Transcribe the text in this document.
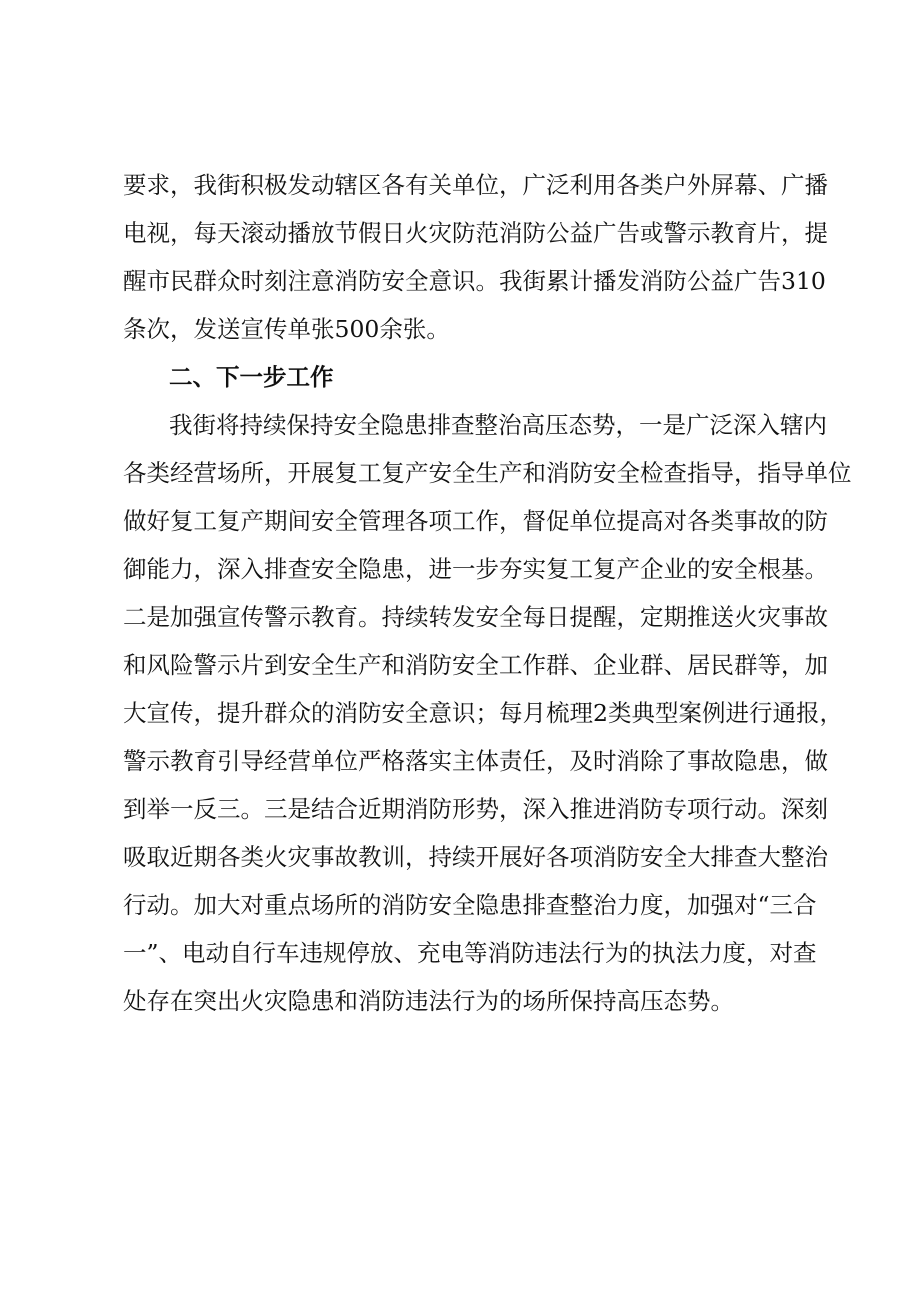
要求，我街积极发动辖区各有关单位，广泛利用各类户外屏幕、广播
电视，每天滚动播放节假日火灾防范消防公益广告或警示教育片，提
醒市民群众时刻注意消防安全意识。我街累计播发消防公益广告310
条次，发送宣传单张500余张。
二、下一步工作
我街将持续保持安全隐患排查整治高压态势，一是广泛深入辖内
各类经营场所，开展复工复产安全生产和消防安全检查指导，指导单位
做好复工复产期间安全管理各项工作，督促单位提高对各类事故的防
御能力，深入排查安全隐患，进一步夯实复工复产企业的安全根基。
二是加强宣传警示教育。持续转发安全每日提醒，定期推送火灾事故
和风险警示片到安全生产和消防安全工作群、企业群、居民群等，加
大宣传，提升群众的消防安全意识；每月梳理2类典型案例进行通报，
警示教育引导经营单位严格落实主体责任，及时消除了事故隐患，做
到举一反三。三是结合近期消防形势，深入推进消防专项行动。深刻
吸取近期各类火灾事故教训，持续开展好各项消防安全大排查大整治
行动。加大对重点场所的消防安全隐患排查整治力度，加强对“三合
一”、电动自行车违规停放、充电等消防违法行为的执法力度，对查
处存在突出火灾隐患和消防违法行为的场所保持高压态势。
